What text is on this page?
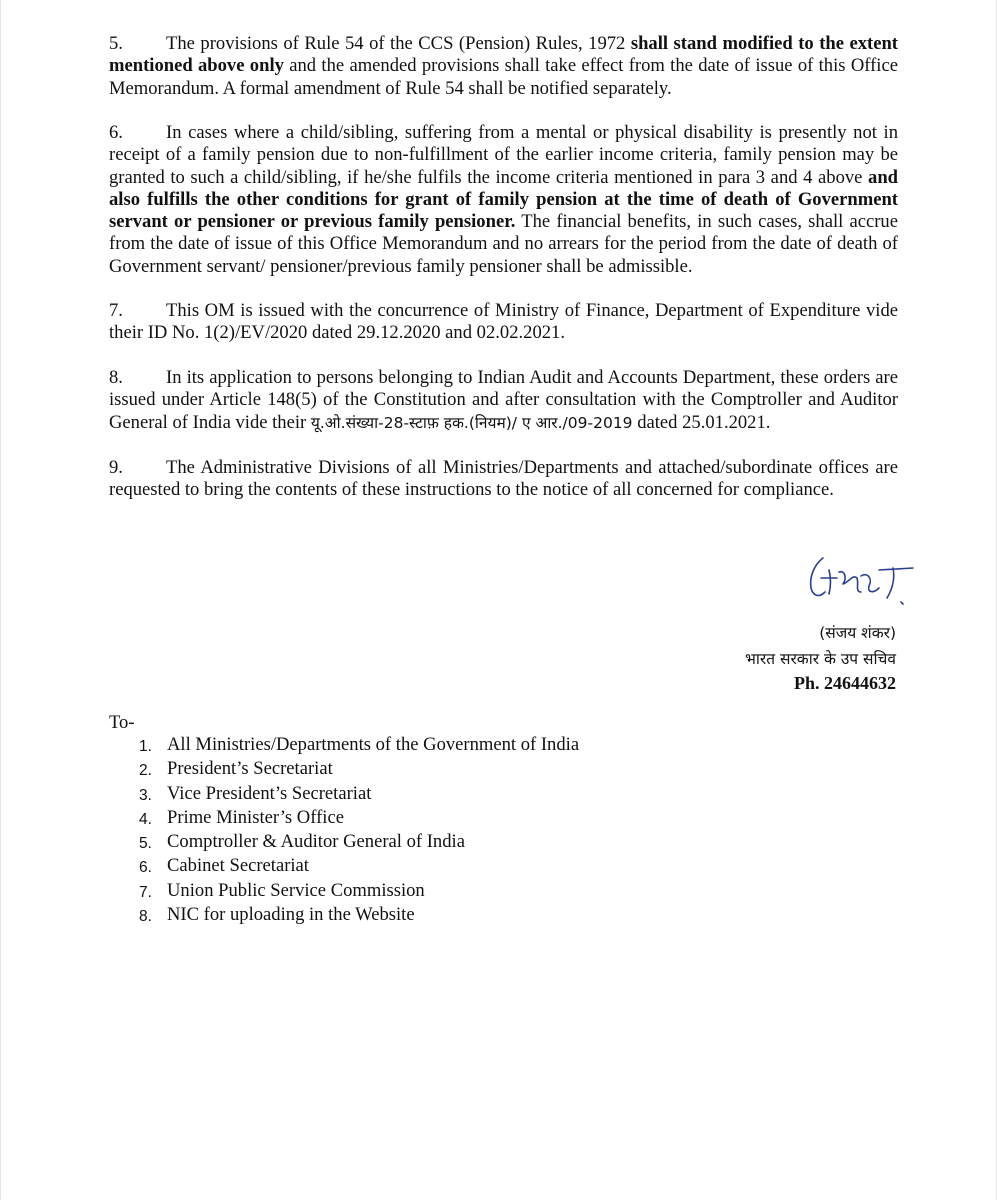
5. The provisions of Rule 54 of the CCS (Pension) Rules, 1972 shall stand modified to the extent mentioned above only and the amended provisions shall take effect from the date of issue of this Office Memorandum. A formal amendment of Rule 54 shall be notified separately.

6. In cases where a child/sibling, suffering from a mental or physical disability is presently not in receipt of a family pension due to non-fulfillment of the earlier income criteria, family pension may be granted to such a child/sibling, if he/she fulfils the income criteria mentioned in para 3 and 4 above and also fulfills the other conditions for grant of family pension at the time of death of Government servant or pensioner or previous family pensioner. The financial benefits, in such cases, shall accrue from the date of issue of this Office Memorandum and no arrears for the period from the date of death of Government servant/ pensioner/previous family pensioner shall be admissible.

7. This OM is issued with the concurrence of Ministry of Finance, Department of Expenditure vide their ID No. 1(2)/EV/2020 dated 29.12.2020 and 02.02.2021.

8. In its application to persons belonging to Indian Audit and Accounts Department, these orders are issued under Article 148(5) of the Constitution and after consultation with the Comptroller and Auditor General of India vide their यू.ओ.संख्या-28-स्टाफ़ हक.(नियम)/ ए आर./09-2019 dated 25.01.2021.

9. The Administrative Divisions of all Ministries/Departments and attached/subordinate offices are requested to bring the contents of these instructions to the notice of all concerned for compliance.

(संजय शंकर)

भारत सरकार के उप सचिव

Ph. 24644632

To-

1. All Ministries/Departments of the Government of India
2. President’s Secretariat
3. Vice President’s Secretariat
4. Prime Minister’s Office
5. Comptroller & Auditor General of India
6. Cabinet Secretariat
7. Union Public Service Commission
8. NIC for uploading in the Website
